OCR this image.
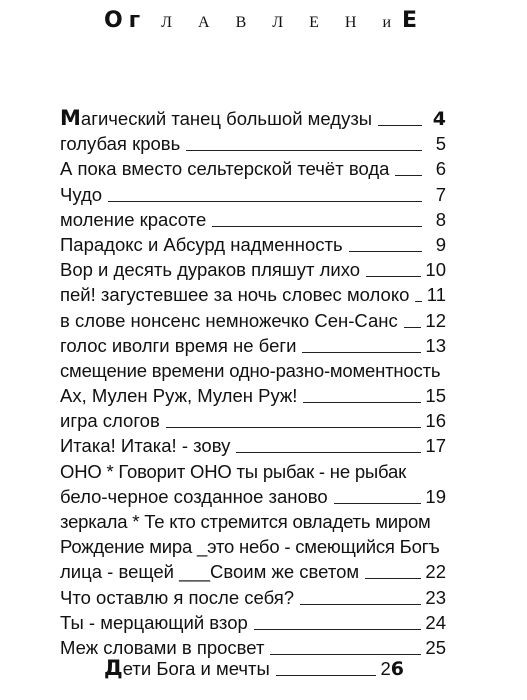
Ог Л А В Л Е Н иЕ
Магический танец большой медузы	4
голубая кровь	5
А пока вместо сельтерской течёт вода	6
Чудо	7
моление красоте	8
Парадокс и Абсурд надменность	9
Вор и десять дураков пляшут лихо	10
пей! загустевшее за ночь словес молоко 11
в слове нонсенс немножечко Сен-Санс 12
голос иволги время не беги	13
смещение времени одно-разно-моментность
Ах, Мулен Руж, Мулен Руж!	15
игра слогов	16
Итака! Итака! - зову	17
ОНО * Говорит ОНО ты рыбак - не рыбак
бело-черное созданное заново	19
зеркала * Те кто стремится овладеть миром
Рождение мира _это небо - смеющийся Богъ
лица - вещей ___Своим же светом	22
Что оставлю я после себя?	23
Ты - мерцающий взор	24
Меж словами в просвет	25
Дети Бога и мечты	26
